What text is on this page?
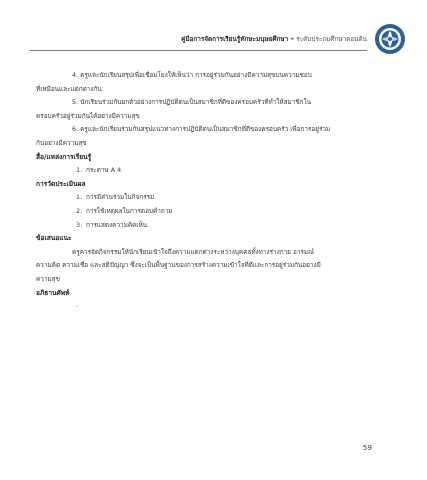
คู่มือการจัดการเรียนรู้ทักษะมนุษยศึกษา • ระดับประถมศึกษาตอนต้น

4. ครูและนักเรียนสรุปเพื่อเชื่อมโยงให้เห็นว่า การอยู่ร่วมกันอย่างมีความสุขบนความชอบ

ที่เหมือนและแตกต่างกัน

5. นักเรียนร่วมกันยกตัวอย่างการปฏิบัติตนเป็นสมาชิกที่ดีของครอบครัวที่ทำให้สมาชิกใน

ครอบครัวอยู่ร่วมกันได้อย่างมีความสุข

6. ครูและนักเรียนร่วมกันสรุปแนวทางการปฏิบัติตนเป็นสมาชิกที่ดีของครอบครัว เพื่อการอยู่ร่วม

กันอย่างมีความสุข

สื่อ/แหล่งการเรียนรู้

1. กระดาษ A 4

การวัดประเมินผล

1. การมีส่วนร่วมในกิจกรรม

2. การใช้เหตุผลในการตอบคำถาม

3. การแสดงความคิดเห็น

ข้อเสนอแนะ

ครูควรจัดกิจกรรมให้นักเรียนเข้าใจถึงความแตกต่างระหว่างบุคคลทั้งทางร่างกาย อารมณ์

ความคิด ความเชื่อ และสติปัญญา ซึ่งจะเป็นพื้นฐานของการสร้างความเข้าใจที่ดีและการอยู่ร่วมกันอย่างมี

ความสุข

อภิธานศัพท์

-

59
